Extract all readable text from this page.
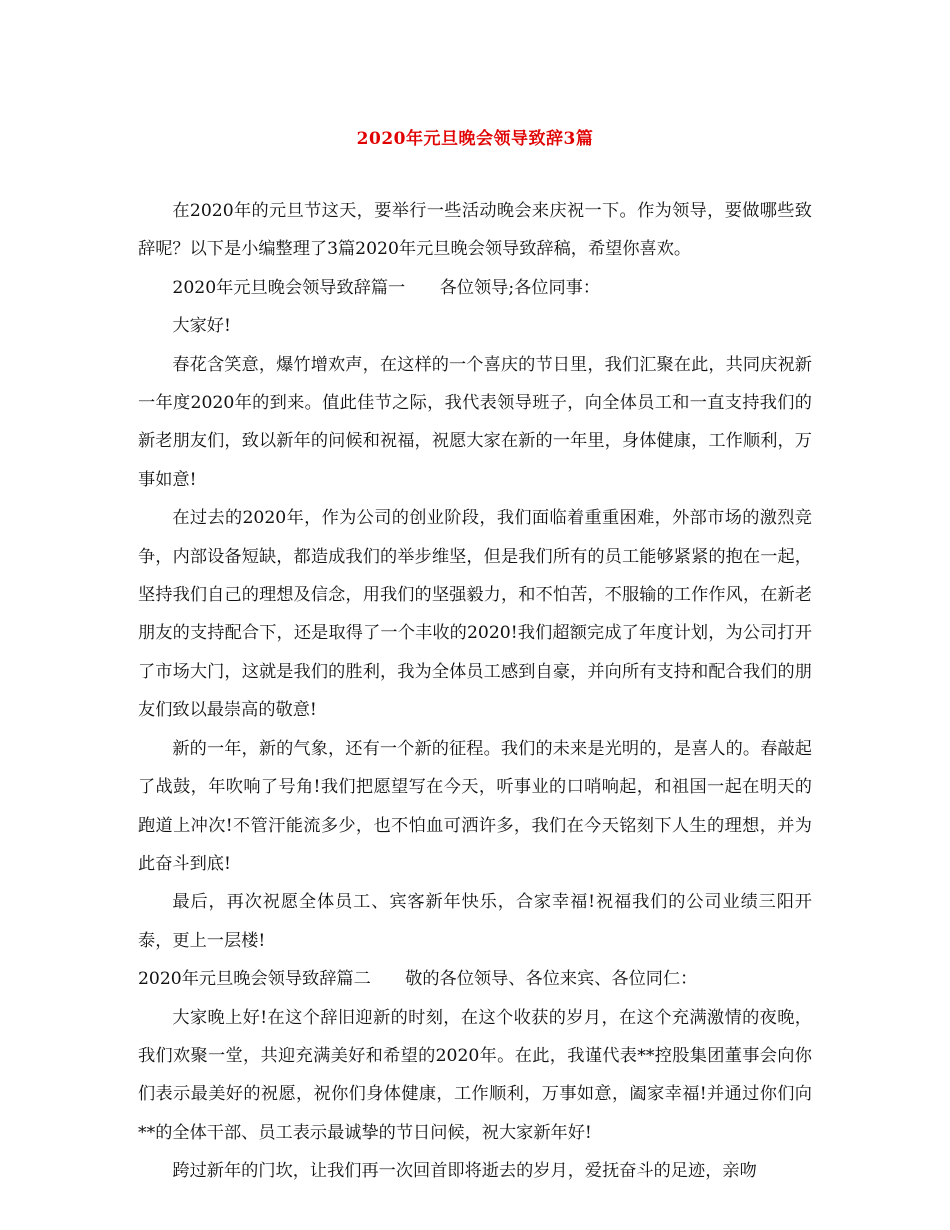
2020年元旦晚会领导致辞3篇

在2020年的元旦节这天，要举行一些活动晚会来庆祝一下。作为领导，要做哪些致辞呢？以下是小编整理了3篇2020年元旦晚会领导致辞稿，希望你喜欢。

2020年元旦晚会领导致辞篇一　　各位领导;各位同事：

大家好!

春花含笑意，爆竹增欢声，在这样的一个喜庆的节日里，我们汇聚在此，共同庆祝新一年度2020年的到来。值此佳节之际，我代表领导班子，向全体员工和一直支持我们的新老朋友们，致以新年的问候和祝福，祝愿大家在新的一年里，身体健康，工作顺利，万事如意!

在过去的2020年，作为公司的创业阶段，我们面临着重重困难，外部市场的激烈竞争，内部设备短缺，都造成我们的举步维坚，但是我们所有的员工能够紧紧的抱在一起，坚持我们自己的理想及信念，用我们的坚强毅力，和不怕苦，不服输的工作作风，在新老朋友的支持配合下，还是取得了一个丰收的2020!我们超额完成了年度计划，为公司打开了市场大门，这就是我们的胜利，我为全体员工感到自豪，并向所有支持和配合我们的朋友们致以最崇高的敬意!

新的一年，新的气象，还有一个新的征程。我们的未来是光明的，是喜人的。春敲起了战鼓，年吹响了号角!我们把愿望写在今天，听事业的口哨响起，和祖国一起在明天的跑道上冲次!不管汗能流多少，也不怕血可洒许多，我们在今天铭刻下人生的理想，并为此奋斗到底!

最后，再次祝愿全体员工、宾客新年快乐，合家幸福!祝福我们的公司业绩三阳开泰，更上一层楼!

2020年元旦晚会领导致辞篇二　　敬的各位领导、各位来宾、各位同仁：

大家晚上好!在这个辞旧迎新的时刻，在这个收获的岁月，在这个充满激情的夜晚，我们欢聚一堂，共迎充满美好和希望的2020年。在此，我谨代表**控股集团董事会向你们表示最美好的祝愿，祝你们身体健康，工作顺利，万事如意，阖家幸福!并通过你们向**的全体干部、员工表示最诚挚的节日问候，祝大家新年好!

跨过新年的门坎，让我们再一次回首即将逝去的岁月，爱抚奋斗的足迹，亲吻
